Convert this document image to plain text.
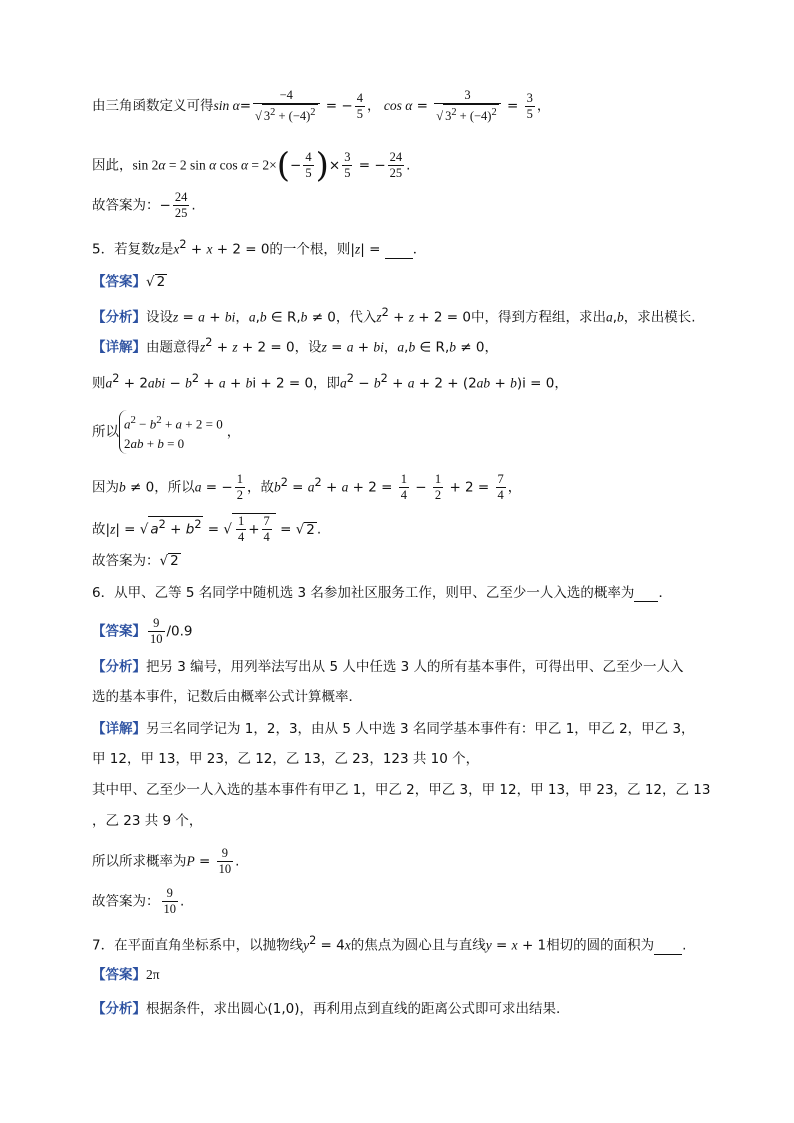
由三角函数定义可得$\sin \alpha= \frac{-4}{√ 3^2 + (-4)^2}$ = − $\frac{4}{5}$ ， $\cos \alpha = \frac{3}{√ 3^2 + (-4)^2} = \frac{3}{5}$ ，
因此，sin 2α = 2 sin α $\cos \alpha = 2\times(- \frac{4}{5}$ )× $\frac{3}{5}$ = − $\frac{24}{25}$ .
故答案为：− $\frac{24}{25}$ .
5．若复数z是$x^2 + x + 2 = 0$的一个根，则|z| = ．
【答案】√ 2
【分析】设设z = a + bi，a,b ∈ R,b ≠ 0，代入$z^2 + z + 2 = 0$中，得到方程组，求出a,b，求出模长.
【详解】由题意得$z^2 + z + 2 = 0$，设z = a + bi，a,b ∈ R,b ≠ 0，
则$a^2 + 2abi - b^2 + a$ + bi + 2 = 0，即$a^2 - b^2 + a + 2 + (2ab + b)i = 0$，
所以$a^2 - b^2 + a + 2 = 0$
2ab + b = 0，
因为b ≠ 0，所以a = − $\frac{1}{2}$ ，故$b^2 = a^2 + a + 2 = \frac{1}{4} - \frac{1}{2} + 2 = \frac{7}{4}$ ，
故|z| = √ $a^2 + b^2$ = √ $\frac{1}{4} + \frac{7}{4}$ = √ 2 .
故答案为：√ 2
6．从甲、乙等 5 名同学中随机选 3 名参加社区服务工作，则甲、乙至少一人入选的概率为 ．
【答案】 $\frac{9}{10} /0.9$
【分析】把另 3 编号，用列举法写出从 5 人中任选 3 人的所有基本事件，可得出甲、乙至少一人入
选的基本事件，记数后由概率公式计算概率．
【详解】另三名同学记为 1，2，3，由从 5 人中选 3 名同学基本事件有：甲乙 1，甲乙 2，甲乙 3，
甲 12，甲 13，甲 23，乙 12，乙 13，乙 23，123 共 10 个，
其中甲、乙至少一人入选的基本事件有甲乙 1，甲乙 2，甲乙 3，甲 12，甲 13，甲 23，乙 12，乙 13
，乙 23 共 9 个，
所以所求概率为$P = \frac{9}{10}$ .
故答案为： $\frac{9}{10}$ .
7．在平面直角坐标系中，以抛物线$y^2 = 4x$的焦点为圆心且与直线y = x + 1相切的圆的面积为 .
【答案】2π
【分析】根据条件，求出圆心(1,0)，再利用点到直线的距离公式即可求出结果.
